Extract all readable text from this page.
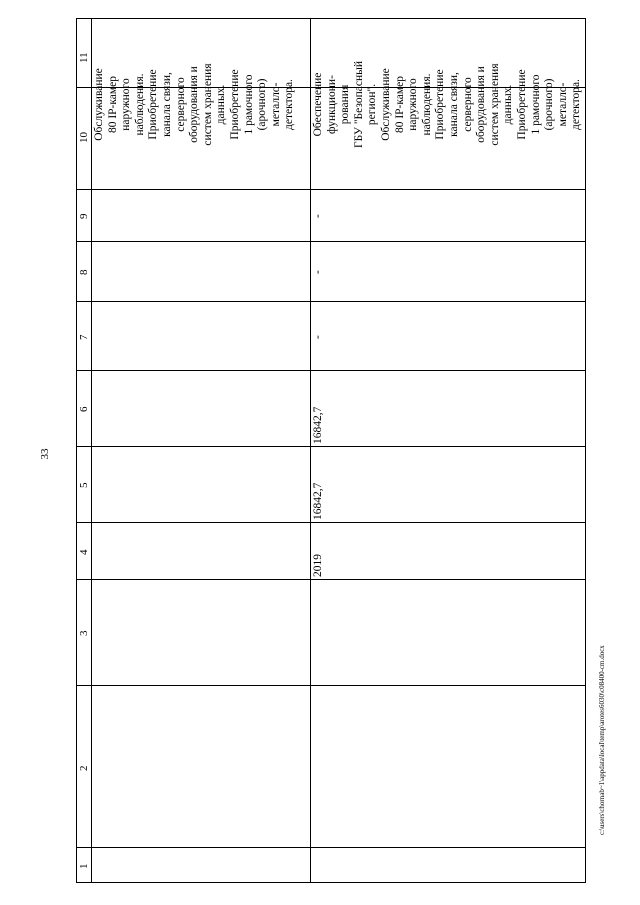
33
11
10
9
8
7
6
5
4
3
2
1
Обслуживание
80 IP-камер
наружного
наблюдения.
Приобретение
канала связи,
серверного
оборудования и
систем хранения
данных.
Приобретение
1 рамочного
(арочного)
металло-
детектора.
2019
16842,7
16842,7
-
-
-
Обеспечение
функциони-
рования
ГБУ "Безопасный
регион".
Обслуживание
80 IP-камер
наружного
наблюдения.
Приобретение
канала связи,
серверного
оборудования и
систем хранения
данных.
Приобретение
1 рамочного
(арочного)
металло-
детектора.
c:\users\chornab~1\appdata\local\temp\arotes6030\c08400-cm.docx
